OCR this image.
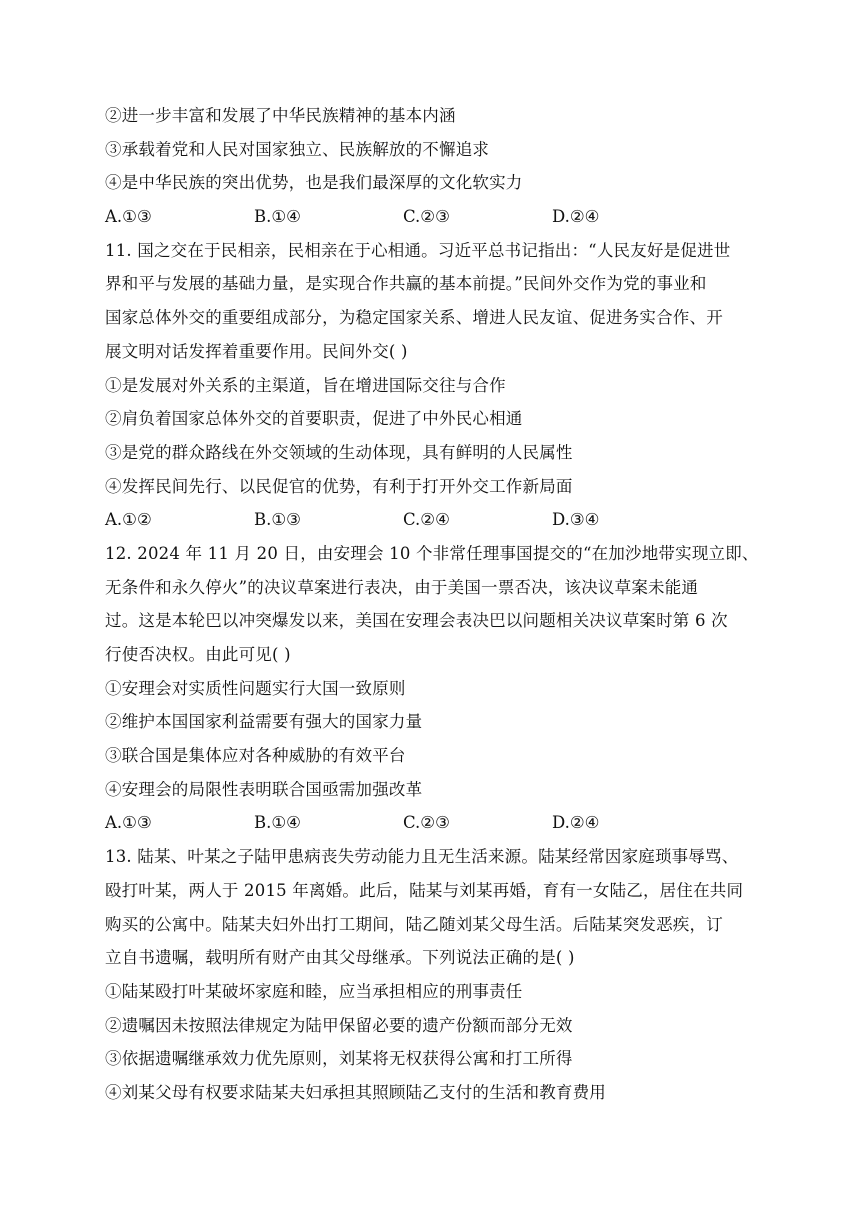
②进一步丰富和发展了中华民族精神的基本内涵
③承载着党和人民对国家独立、民族解放的不懈追求
④是中华民族的突出优势，也是我们最深厚的文化软实力
A.①③	B.①④	C.②③	D.②④
11. 国之交在于民相亲，民相亲在于心相通。习近平总书记指出：“人民友好是促进世
界和平与发展的基础力量，是实现合作共赢的基本前提。”民间外交作为党的事业和
国家总体外交的重要组成部分，为稳定国家关系、增进人民友谊、促进务实合作、开
展文明对话发挥着重要作用。民间外交( )
①是发展对外关系的主渠道，旨在增进国际交往与合作
②肩负着国家总体外交的首要职责，促进了中外民心相通
③是党的群众路线在外交领域的生动体现，具有鲜明的人民属性
④发挥民间先行、以民促官的优势，有利于打开外交工作新局面
A.①②	B.①③	C.②④	D.③④
12. 2024 年 11 月 20 日，由安理会 10 个非常任理事国提交的“在加沙地带实现立即、
无条件和永久停火”的决议草案进行表决，由于美国一票否决，该决议草案未能通
过。这是本轮巴以冲突爆发以来，美国在安理会表决巴以问题相关决议草案时第 6 次
行使否决权。由此可见( )
①安理会对实质性问题实行大国一致原则
②维护本国国家利益需要有强大的国家力量
③联合国是集体应对各种威胁的有效平台
④安理会的局限性表明联合国亟需加强改革
A.①③	B.①④	C.②③	D.②④
13. 陆某、叶某之子陆甲患病丧失劳动能力且无生活来源。陆某经常因家庭琐事辱骂、
殴打叶某，两人于 2015 年离婚。此后，陆某与刘某再婚，育有一女陆乙，居住在共同
购买的公寓中。陆某夫妇外出打工期间，陆乙随刘某父母生活。后陆某突发恶疾，订
立自书遗嘱，载明所有财产由其父母继承。下列说法正确的是( )
①陆某殴打叶某破坏家庭和睦，应当承担相应的刑事责任
②遗嘱因未按照法律规定为陆甲保留必要的遗产份额而部分无效
③依据遗嘱继承效力优先原则，刘某将无权获得公寓和打工所得
④刘某父母有权要求陆某夫妇承担其照顾陆乙支付的生活和教育费用
